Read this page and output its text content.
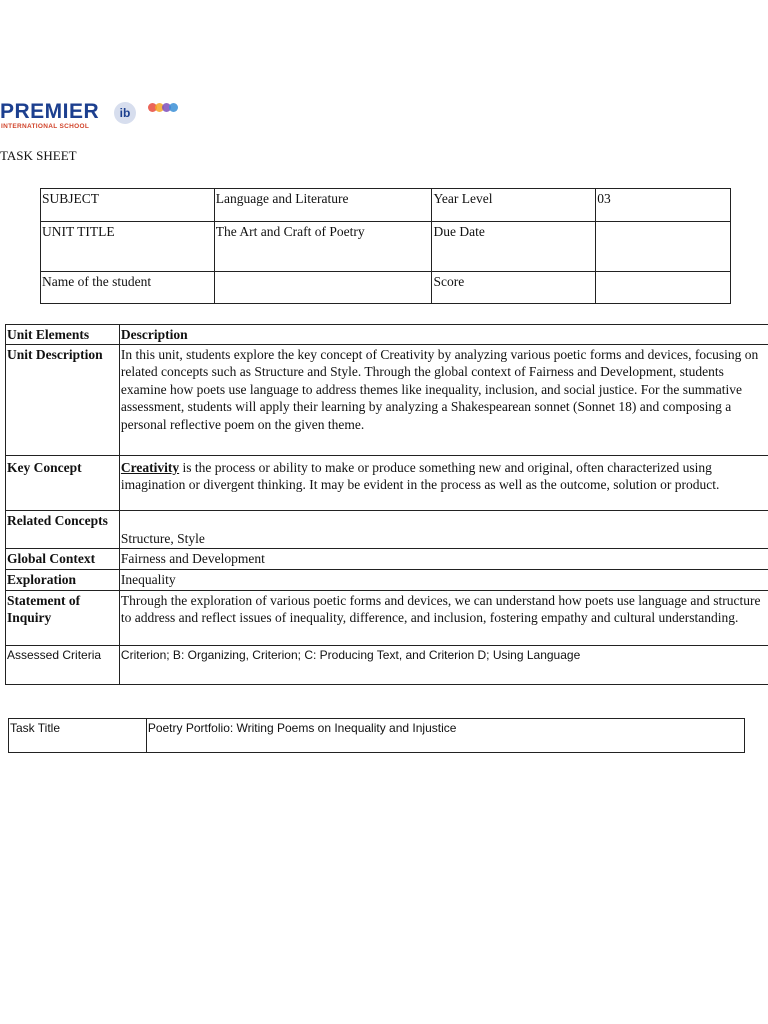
PREMIER
INTERNATIONAL SCHOOL
ib
TASK SHEET
SUBJECT	Language and Literature	Year Level	03
UNIT TITLE	The Art and Craft of Poetry	Due Date	
Name of the student		Score	
Unit Elements	Description
Unit Description	In this unit, students explore the key concept of Creativity by analyzing various poetic forms and devices, focusing on related concepts such as Structure and Style. Through the global context of Fairness and Development, students examine how poets use language to address themes like inequality, inclusion, and social justice. For the summative assessment, students will apply their learning by analyzing a Shakespearean sonnet (Sonnet 18) and composing a personal reflective poem on the given theme.
Key Concept	Creativity is the process or ability to make or produce something new and original, often characterized using imagination or divergent thinking. It may be evident in the process as well as the outcome, solution or product.
Related Concepts	Structure, Style
Global Context	Fairness and Development
Exploration	Inequality
Statement of Inquiry	Through the exploration of various poetic forms and devices, we can understand how poets use language and structure to address and reflect issues of inequality, difference, and inclusion, fostering empathy and cultural understanding.
Assessed Criteria	Criterion; B: Organizing, Criterion; C: Producing Text, and Criterion D; Using Language
Task Title	Poetry Portfolio: Writing Poems on Inequality and Injustice
